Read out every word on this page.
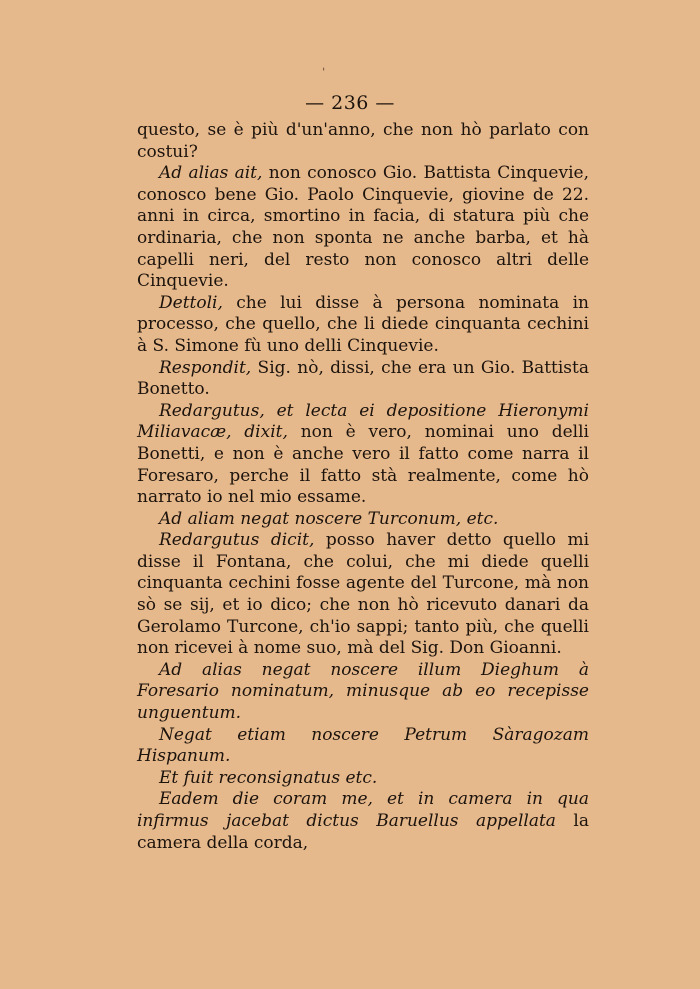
ˌ
— 236 —

questo, se è più d'un'anno, che non hò parlato con costui?

Ad alias ait, non conosco Gio. Battista Cinquevie, conosco bene Gio. Paolo Cinquevie, giovine de 22. anni in circa, smortino in facia, di statura più che ordinaria, che non sponta ne anche barba, et hà capelli neri, del resto non conosco altri delle Cinquevie.

Dettoli, che lui disse à persona nominata in processo, che quello, che li diede cinquanta cechini à S. Simone fù uno delli Cinquevie.

Respondit, Sig. nò, dissi, che era un Gio. Battista Bonetto.

Redargutus, et lecta ei depositione Hieronymi Miliavacæ, dixit, non è vero, nominai uno delli Bonetti, e non è anche vero il fatto come narra il Foresaro, perche il fatto stà realmente, come hò narrato io nel mio essame.

Ad aliam negat noscere Turconum, etc.

Redargutus dicit, posso haver detto quello mi disse il Fontana, che colui, che mi diede quelli cinquanta cechini fosse agente del Turcone, mà non sò se sij, et io dico; che non hò ricevuto danari da Gerolamo Turcone, ch'io sappi; tanto più, che quelli non ricevei à nome suo, mà del Sig. Don Gioanni.

Ad alias negat noscere illum Dieghum à Foresario nominatum, minusque ab eo recepisse unguentum.

Negat etiam noscere Petrum Sàragozam Hispanum.

Et fuit reconsignatus etc.

Eadem die coram me, et in camera in qua infirmus jacebat dictus Baruellus appellata la camera della corda,
